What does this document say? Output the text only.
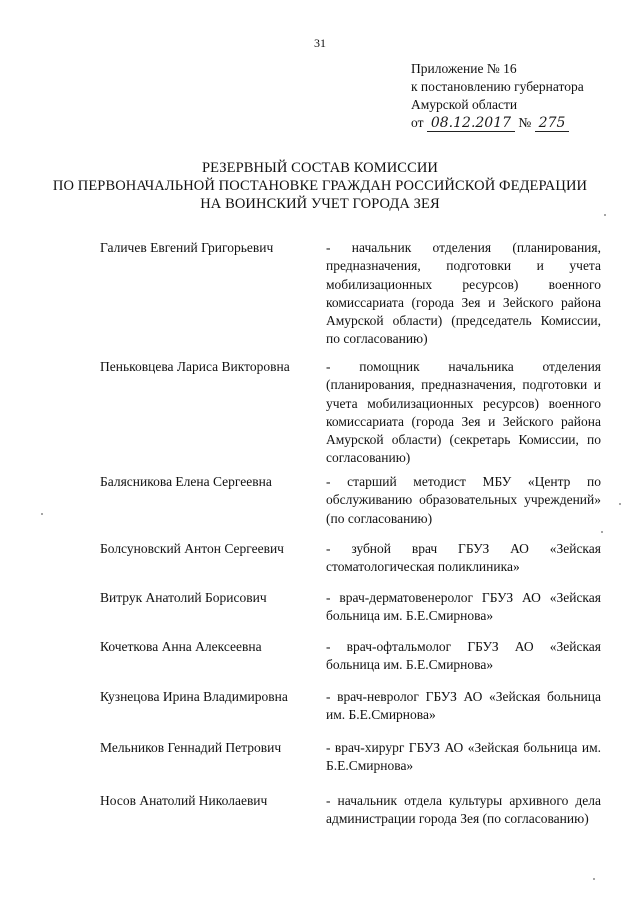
31
Приложение № 16
к постановлению губернатора
Амурской области
от 08.12.2017 № 275
РЕЗЕРВНЫЙ СОСТАВ КОМИССИИ
ПО ПЕРВОНАЧАЛЬНОЙ ПОСТАНОВКЕ ГРАЖДАН РОССИЙСКОЙ ФЕДЕРАЦИИ
НА ВОИНСКИЙ УЧЕТ ГОРОДА ЗЕЯ
Галичев Евгений Григорьевич	- начальник отделения (планирования, предназначения, подготовки и учета мобилизационных ресурсов) военного комиссариата (города Зея и Зейского района Амурской области) (председатель Комиссии, по согласованию)
Пеньковцева Лариса Викторовна	- помощник начальника отделения (планирования, предназначения, подготовки и учета мобилизационных ресурсов) военного комиссариата (города Зея и Зейского района Амурской области) (секретарь Комиссии, по согласованию)
Балясникова Елена Сергеевна	- старший методист МБУ «Центр по обслуживанию образовательных учреждений» (по согласованию)
Болсуновский Антон Сергеевич	- зубной врач ГБУЗ АО «Зейская стоматологическая поликлиника»
Витрук Анатолий Борисович	- врач-дерматовенеролог ГБУЗ АО «Зейская больница им. Б.Е.Смирнова»
Кочеткова Анна Алексеевна	- врач-офтальмолог ГБУЗ АО «Зейская больница им. Б.Е.Смирнова»
Кузнецова Ирина Владимировна	- врач-невролог ГБУЗ АО «Зейская больница им. Б.Е.Смирнова»
Мельников Геннадий Петрович	- врач-хирург ГБУЗ АО «Зейская больница им. Б.Е.Смирнова»
Носов Анатолий Николаевич	- начальник отдела культуры архивного дела администрации города Зея (по согласованию)
